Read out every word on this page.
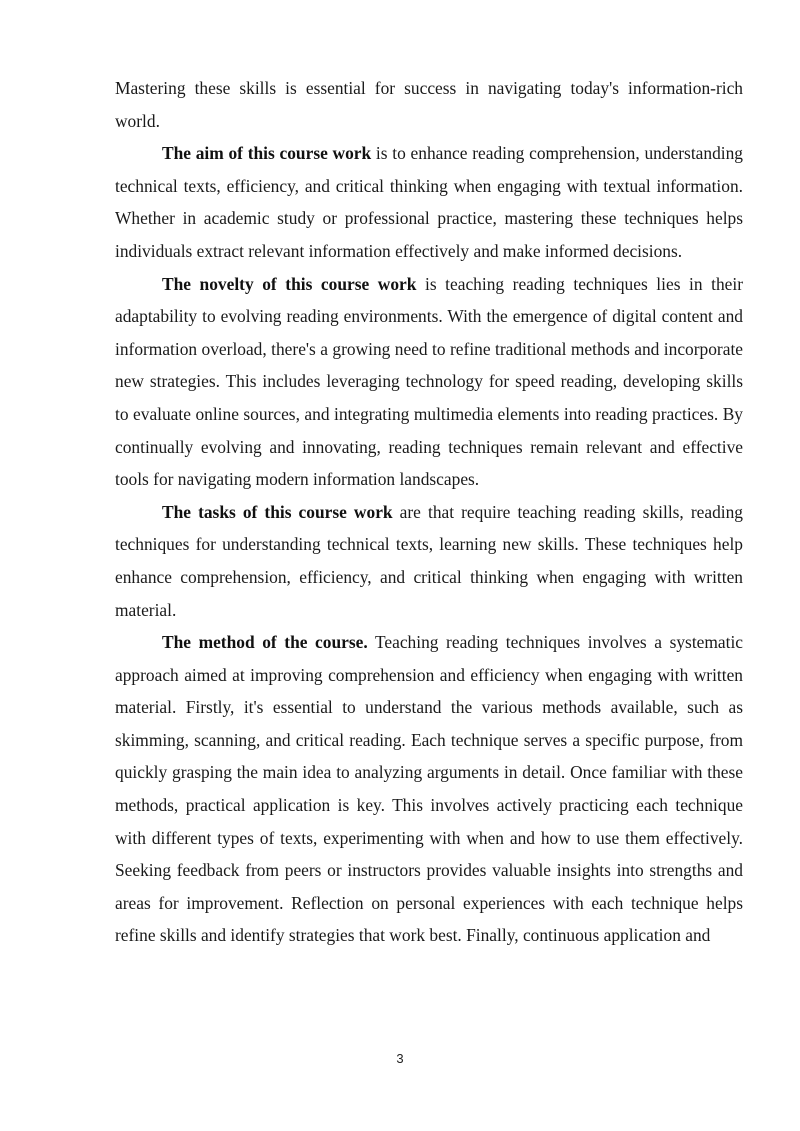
Mastering these skills is essential for success in navigating today's information-rich world.

The aim of this course work is to enhance reading comprehension, understanding technical texts, efficiency, and critical thinking when engaging with textual information. Whether in academic study or professional practice, mastering these techniques helps individuals extract relevant information effectively and make informed decisions.

The novelty of this course work is teaching reading techniques lies in their adaptability to evolving reading environments. With the emergence of digital content and information overload, there's a growing need to refine traditional methods and incorporate new strategies. This includes leveraging technology for speed reading, developing skills to evaluate online sources, and integrating multimedia elements into reading practices. By continually evolving and innovating, reading techniques remain relevant and effective tools for navigating modern information landscapes.

The tasks of this course work are that require teaching reading skills, reading techniques for understanding technical texts, learning new skills. These techniques help enhance comprehension, efficiency, and critical thinking when engaging with written material.

The method of the course. Teaching reading techniques involves a systematic approach aimed at improving comprehension and efficiency when engaging with written material. Firstly, it's essential to understand the various methods available, such as skimming, scanning, and critical reading. Each technique serves a specific purpose, from quickly grasping the main idea to analyzing arguments in detail. Once familiar with these methods, practical application is key. This involves actively practicing each technique with different types of texts, experimenting with when and how to use them effectively. Seeking feedback from peers or instructors provides valuable insights into strengths and areas for improvement. Reflection on personal experiences with each technique helps refine skills and identify strategies that work best. Finally, continuous application and

3
